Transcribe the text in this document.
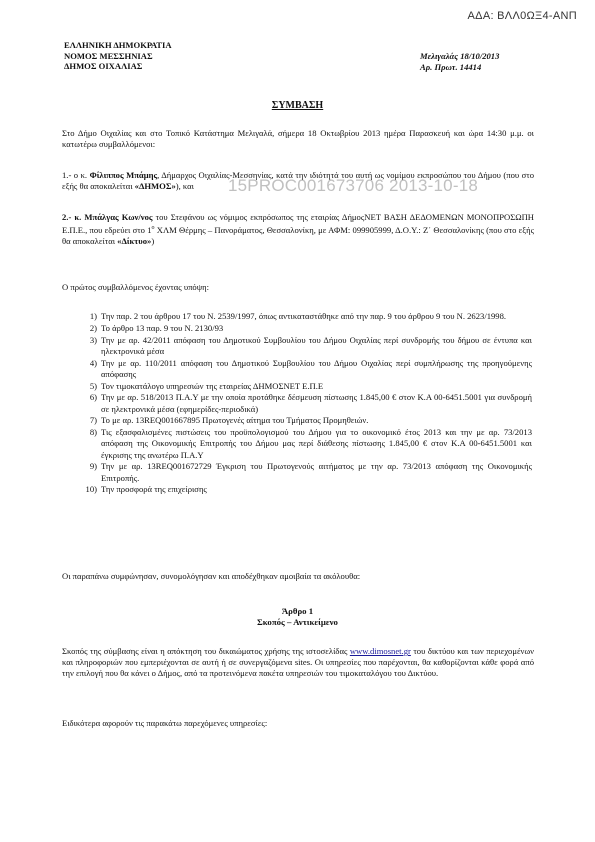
ΑΔΑ: ΒΛΛ0ΩΞ4-ΑΝΠ
ΕΛΛΗΝΙΚΗ ΔΗΜΟΚΡΑΤΙΑ
ΝΟΜΟΣ ΜΕΣΣΗΝΙΑΣ
ΔΗΜΟΣ ΟΙΧΑΛΙΑΣ
Μελιγαλάς 18/10/2013
Αρ. Πρωτ. 14414
ΣΥΜΒΑΣΗ
Στο Δήμο Οιχαλίας και στο Τοπικό Κατάστημα Μελιγαλά, σήμερα 18 Οκτωβρίου 2013 ημέρα Παρασκευή και ώρα 14:30 μ.μ. οι κατωτέρω συμβαλλόμενοι:
1.- ο κ. Φίλιππος Μπάμης, Δήμαρχος Οιχαλίας-Μεσσηνίας, κατά την ιδιότητά του αυτή ως νομίμου εκπροσώπου του Δήμου (που στο εξής θα αποκαλείται «ΔΗΜΟΣ»), και	15PROC001673706 2013-10-18
2.- κ. Μπάλγας Κων/νος του Στεφάνου ως νόμιμος εκπρόσωπος της εταιρίας ΔήμοςΝΕΤ ΒΑΣΗ ΔΕΔΟΜΕΝΩΝ ΜΟΝΟΠΡΟΣΩΠΗ Ε.Π.Ε., που εδρεύει στο $1^o$ ΧΛΜ Θέρμης – Πανοράματος, Θεσσαλονίκη, με ΑΦΜ: 099905999, Δ.Ο.Υ.: Ζ΄ Θεσσαλονίκης (που στο εξής θα αποκαλείται «Δίκτυο»)
Ο πρώτος συμβαλλόμενος έχοντας υπόψη:
1) Την παρ. 2 του άρθρου 17 του Ν. 2539/1997, όπως αντικαταστάθηκε από την παρ. 9 του άρθρου 9 του Ν. 2623/1998.
2) Το άρθρο 13 παρ. 9 του Ν. 2130/93
3) Την με αρ. 42/2011 απόφαση του Δημοτικού Συμβουλίου του Δήμου Οιχαλίας περί συνδρομής του δήμου σε έντυπα και ηλεκτρονικά μέσα
4) Την με αρ. 110/2011 απόφαση του Δημοτικού Συμβουλίου του Δήμου Οιχαλίας περί συμπλήρωσης της προηγούμενης απόφασης
5) Τον τιμοκατάλογο υπηρεσιών της εταιρείας ΔΗΜΟΣΝΕΤ Ε.Π.Ε
6) Την με αρ. 518/2013 Π.Α.Υ με την οποία προτάθηκε δέσμευση πίστωσης 1.845,00 € στον Κ.Α 00-6451.5001 για συνδρομή σε ηλεκτρονικά μέσα (εφημερίδες-περιοδικά)
7) Το με αρ. 13REQ001667895 Πρωτογενές αίτημα του Τμήματος Προμηθειών.
8) Τις εξασφαλισμένες πιστώσεις του προϋπολογισμού του Δήμου για το οικονομικό έτος 2013 και την με αρ. 73/2013 απόφαση της Οικονομικής Επιτροπής του Δήμου μας περί διάθεσης πίστωσης 1.845,00 € στον Κ.Α 00-6451.5001 και έγκρισης της ανωτέρω Π.Α.Υ
9) Την με αρ. 13REQ001672729 Έγκριση του Πρωτογενούς αιτήματος με την αρ. 73/2013 απόφαση της Οικονομικής Επιτροπής.
10) Την προσφορά της επιχείρισης
Οι παραπάνω συμφώνησαν, συνομολόγησαν και αποδέχθηκαν αμοιβαία τα ακόλουθα:
Άρθρο 1
Σκοπός – Αντικείμενο
Σκοπός της σύμβασης είναι η απόκτηση του δικαιώματος χρήσης της ιστοσελίδας www.dimosnet.gr του δικτύου και των περιεχομένων και πληροφοριών που εμπεριέχονται σε αυτή ή σε συνεργαζόμενα sites. Οι υπηρεσίες που παρέχονται, θα καθορίζονται κάθε φορά από την επιλογή που θα κάνει ο Δήμος, από τα προτεινόμενα πακέτα υπηρεσιών του τιμοκαταλόγου του Δικτύου.
Ειδικότερα αφορούν τις παρακάτω παρεχόμενες υπηρεσίες:
